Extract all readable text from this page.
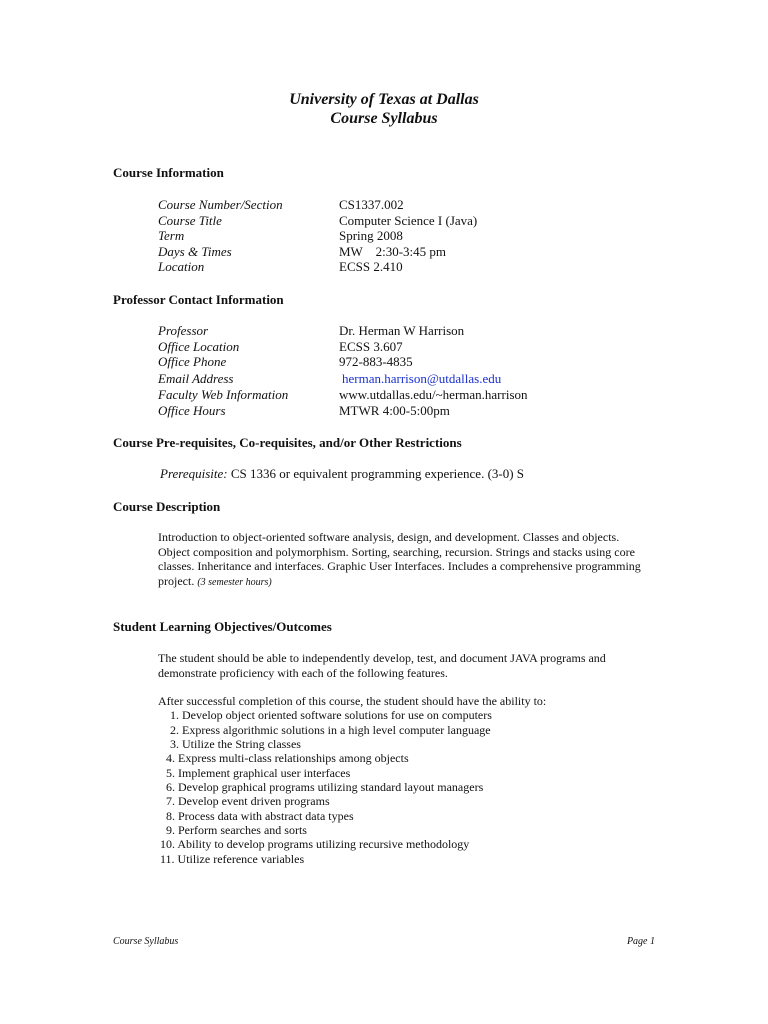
University of Texas at Dallas
Course Syllabus
Course Information
Course Number/Section	CS1337.002
Course Title	Computer Science I (Java)
Term	Spring 2008
Days & Times	MW    2:30-3:45 pm
Location	ECSS 2.410
Professor Contact Information
Professor	Dr. Herman W Harrison
Office Location	ECSS 3.607
Office Phone	972-883-4835
Email Address	herman.harrison@utdallas.edu
Faculty Web Information	www.utdallas.edu/~herman.harrison
Office Hours	MTWR 4:00-5:00pm
Course Pre-requisites, Co-requisites, and/or Other Restrictions
Prerequisite: CS 1336 or equivalent programming experience. (3-0) S
Course Description
Introduction to object-oriented software analysis, design, and development. Classes and objects. Object composition and polymorphism. Sorting, searching, recursion. Strings and stacks using core classes. Inheritance and interfaces. Graphic User Interfaces. Includes a comprehensive programming project. (3 semester hours)
Student Learning Objectives/Outcomes
The student should be able to independently develop, test, and document JAVA programs and demonstrate proficiency with each of the following features.
After successful completion of this course, the student should have the ability to:
1. Develop object oriented software solutions for use on computers
2. Express algorithmic solutions in a high level computer language
3. Utilize the String classes
4. Express multi-class relationships among objects
5. Implement graphical user interfaces
6. Develop graphical programs utilizing standard layout managers
7. Develop event driven programs
8. Process data with abstract data types
9. Perform searches and sorts
10. Ability to develop programs utilizing recursive methodology
11. Utilize reference variables
Course Syllabus	Page 1
